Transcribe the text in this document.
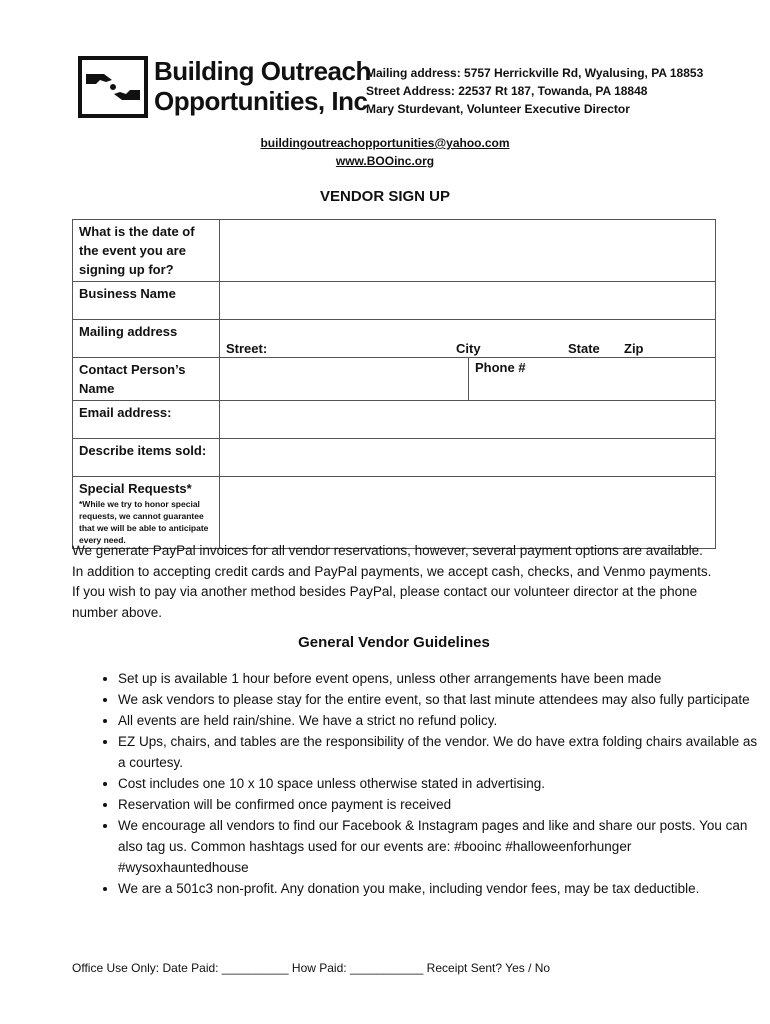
Building Outreach
Opportunities, Inc
Mailing address: 5757 Herrickville Rd, Wyalusing, PA 18853
Street Address: 22537 Rt 187, Towanda, PA 18848
Mary Sturdevant, Volunteer Executive Director
buildingoutreachopportunities@yahoo.com
www.BOOinc.org
VENDOR SIGN UP
What is the date of the event you are signing up for?		
Business Name		
Mailing address	Street: City State Zip	

Contact Person’s Name		Phone #
Email address:		
Describe items sold:		

Special Requests*
*While we try to honor special requests, we cannot guarantee that we will be able to anticipate every need.		

We generate PayPal invoices for all vendor reservations, however, several payment options are available. In addition to accepting credit cards and PayPal payments, we accept cash, checks, and Venmo payments. If you wish to pay via another method besides PayPal, please contact our volunteer director at the phone number above.
General Vendor Guidelines
• Set up is available 1 hour before event opens, unless other arrangements have been made
• We ask vendors to please stay for the entire event, so that last minute attendees may also fully participate
• All events are held rain/shine. We have a strict no refund policy.
• EZ Ups, chairs, and tables are the responsibility of the vendor. We do have extra folding chairs available as a courtesy.
• Cost includes one 10 x 10 space unless otherwise stated in advertising.
• Reservation will be confirmed once payment is received
• We encourage all vendors to find our Facebook & Instagram pages and like and share our posts. You can also tag us. Common hashtags used for our events are: #booinc #halloweenforhunger #wysoxhauntedhouse
• We are a 501c3 non-profit. Any donation you make, including vendor fees, may be tax deductible.
Office Use Only: Date Paid: __________ How Paid: ___________ Receipt Sent? Yes / No
